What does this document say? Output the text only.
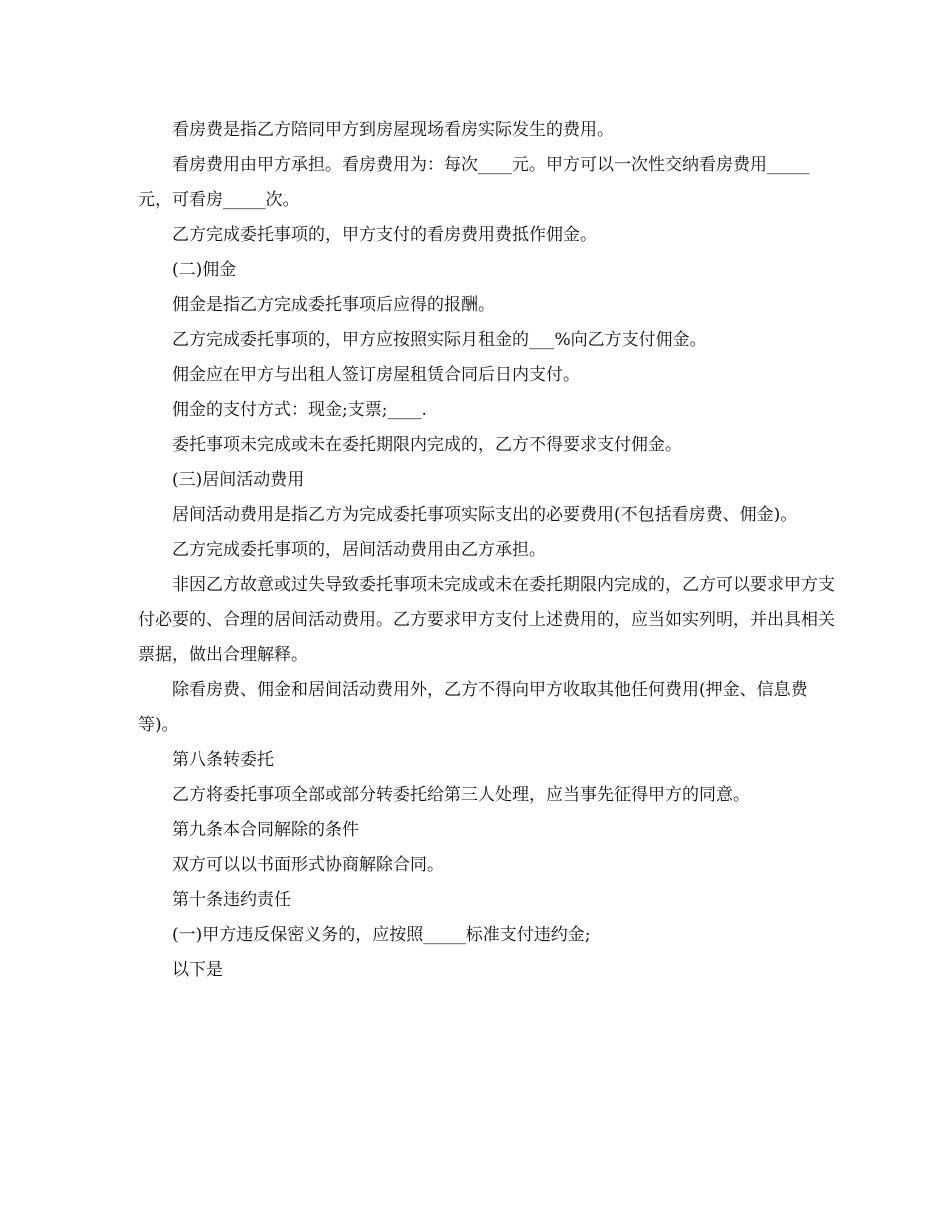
看房费是指乙方陪同甲方到房屋现场看房实际发生的费用。

看房费用由甲方承担。看房费用为：每次____元。甲方可以一次性交纳看房费用_____元，可看房_____次。

乙方完成委托事项的，甲方支付的看房费用费抵作佣金。

(二)佣金

佣金是指乙方完成委托事项后应得的报酬。

乙方完成委托事项的，甲方应按照实际月租金的___%向乙方支付佣金。

佣金应在甲方与出租人签订房屋租赁合同后日内支付。

佣金的支付方式：现金;支票;____.

委托事项未完成或未在委托期限内完成的，乙方不得要求支付佣金。

(三)居间活动费用

居间活动费用是指乙方为完成委托事项实际支出的必要费用(不包括看房费、佣金)。

乙方完成委托事项的，居间活动费用由乙方承担。

非因乙方故意或过失导致委托事项未完成或未在委托期限内完成的，乙方可以要求甲方支付必要的、合理的居间活动费用。乙方要求甲方支付上述费用的，应当如实列明，并出具相关票据，做出合理解释。

除看房费、佣金和居间活动费用外，乙方不得向甲方收取其他任何费用(押金、信息费等)。

第八条转委托

乙方将委托事项全部或部分转委托给第三人处理，应当事先征得甲方的同意。

第九条本合同解除的条件

双方可以以书面形式协商解除合同。

第十条违约责任

(一)甲方违反保密义务的，应按照_____标准支付违约金;

以下是
